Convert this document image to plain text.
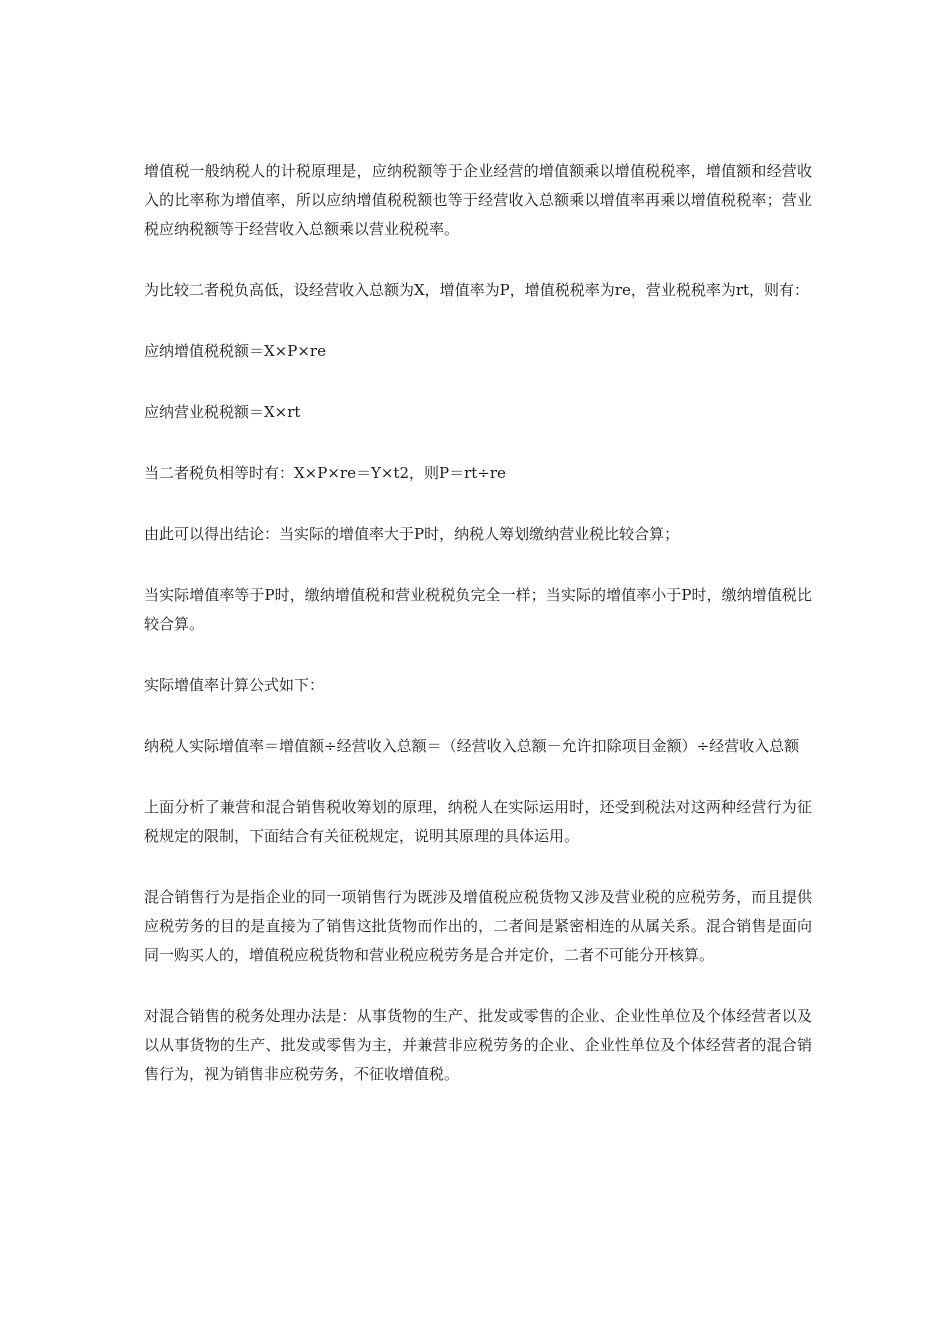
增值税一般纳税人的计税原理是，应纳税额等于企业经营的增值额乘以增值税税率，增值额和经营收入的比率称为增值率，所以应纳增值税税额也等于经营收入总额乘以增值率再乘以增值税税率；营业税应纳税额等于经营收入总额乘以营业税税率。

为比较二者税负高低，设经营收入总额为X，增值率为P，增值税税率为re，营业税税率为rt，则有：

应纳增值税税额＝X×P×re

应纳营业税税额＝X×rt

当二者税负相等时有：X×P×re＝Y×t2，则P＝rt÷re

由此可以得出结论：当实际的增值率大于P时，纳税人筹划缴纳营业税比较合算；

当实际增值率等于P时，缴纳增值税和营业税税负完全一样；当实际的增值率小于P时，缴纳增值税比较合算。

实际增值率计算公式如下：

纳税人实际增值率＝增值额÷经营收入总额＝（经营收入总额－允许扣除项目金额）÷经营收入总额

上面分析了兼营和混合销售税收筹划的原理，纳税人在实际运用时，还受到税法对这两种经营行为征税规定的限制，下面结合有关征税规定，说明其原理的具体运用。

混合销售行为是指企业的同一项销售行为既涉及增值税应税货物又涉及营业税的应税劳务，而且提供应税劳务的目的是直接为了销售这批货物而作出的，二者间是紧密相连的从属关系。混合销售是面向同一购买人的，增值税应税货物和营业税应税劳务是合并定价，二者不可能分开核算。

对混合销售的税务处理办法是：从事货物的生产、批发或零售的企业、企业性单位及个体经营者以及以从事货物的生产、批发或零售为主，并兼营非应税劳务的企业、企业性单位及个体经营者的混合销售行为，视为销售非应税劳务，不征收增值税。
